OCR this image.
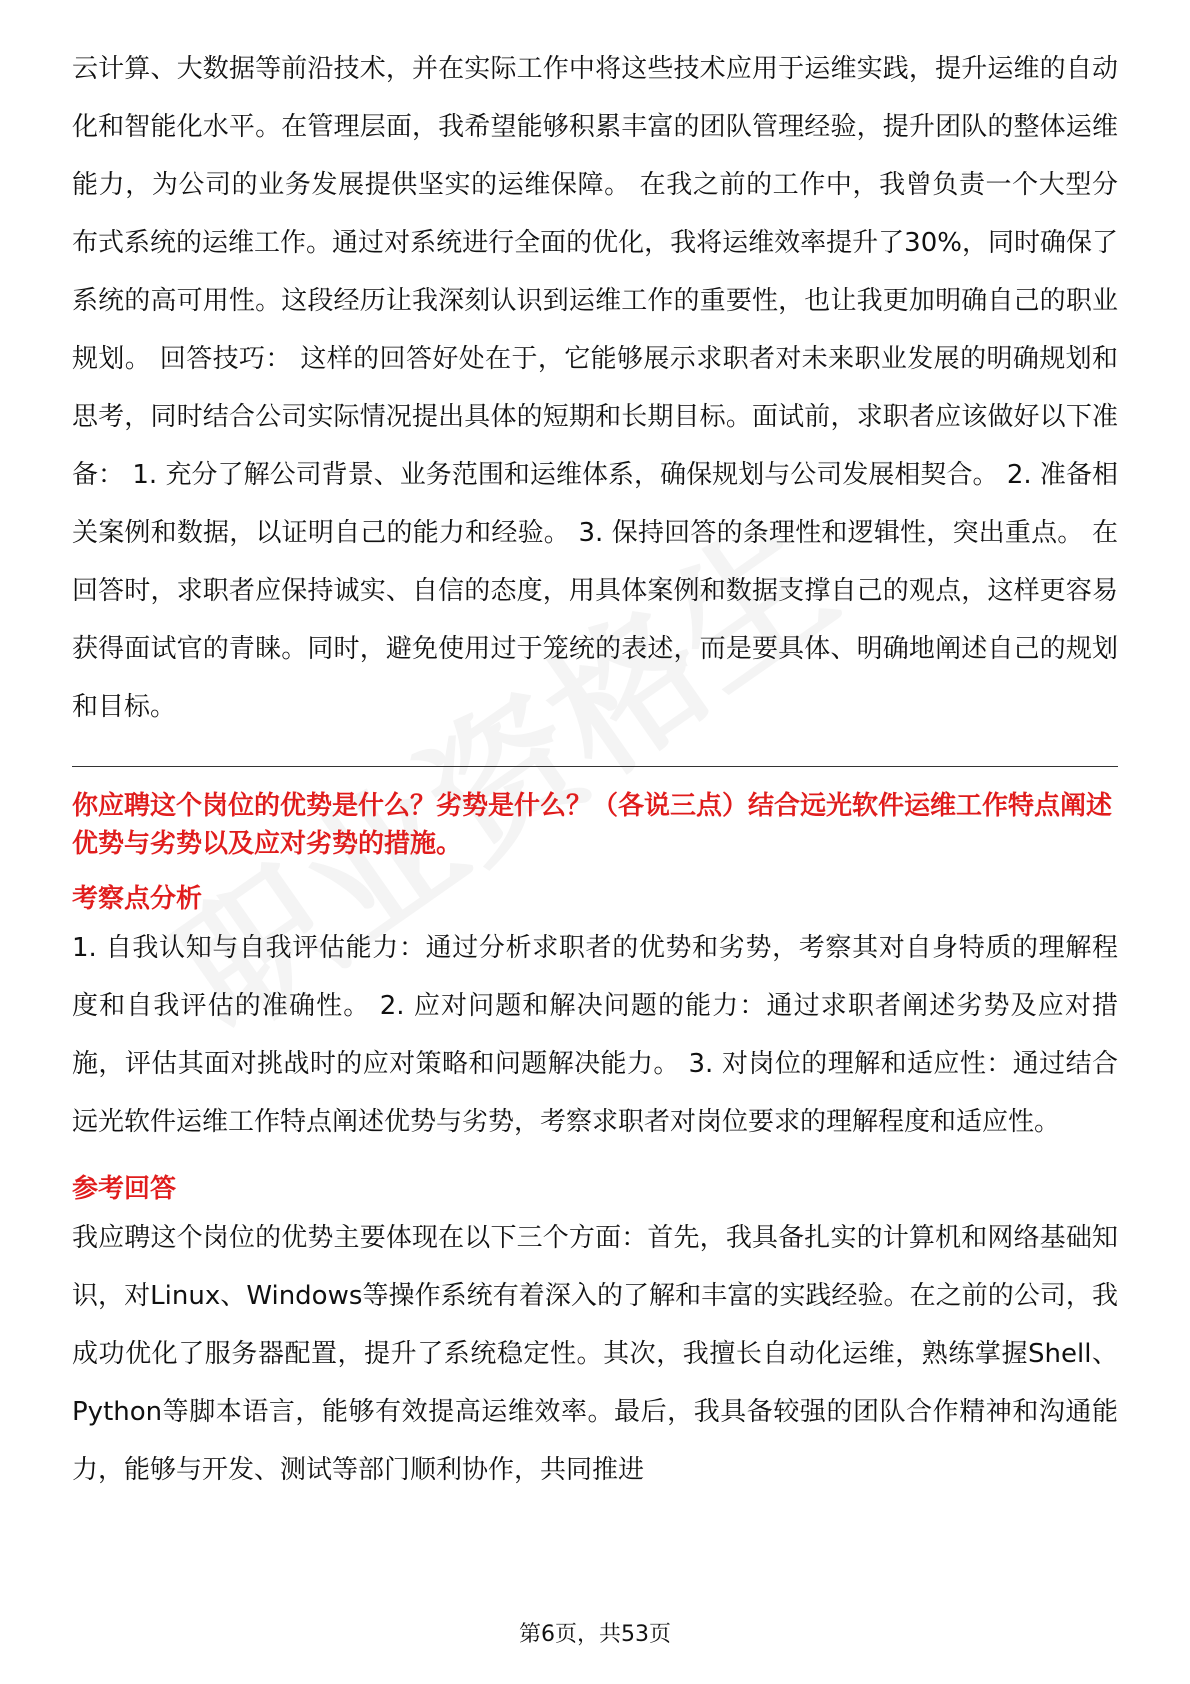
云计算、大数据等前沿技术，并在实际工作中将这些技术应用于运维实践，提升运维的自动化和智能化水平。在管理层面，我希望能够积累丰富的团队管理经验，提升团队的整体运维能力，为公司的业务发展提供坚实的运维保障。 在我之前的工作中，我曾负责一个大型分布式系统的运维工作。通过对系统进行全面的优化，我将运维效率提升了30%，同时确保了系统的高可用性。这段经历让我深刻认识到运维工作的重要性，也让我更加明确自己的职业规划。 回答技巧： 这样的回答好处在于，它能够展示求职者对未来职业发展的明确规划和思考，同时结合公司实际情况提出具体的短期和长期目标。面试前，求职者应该做好以下准备： 1. 充分了解公司背景、业务范围和运维体系，确保规划与公司发展相契合。 2. 准备相关案例和数据，以证明自己的能力和经验。 3. 保持回答的条理性和逻辑性，突出重点。 在回答时，求职者应保持诚实、自信的态度，用具体案例和数据支撑自己的观点，这样更容易获得面试官的青睐。同时，避免使用过于笼统的表述，而是要具体、明确地阐述自己的规划和目标。

你应聘这个岗位的优势是什么？劣势是什么？（各说三点）结合远光软件运维工作特点阐述优势与劣势以及应对劣势的措施。

考察点分析

1. 自我认知与自我评估能力：通过分析求职者的优势和劣势，考察其对自身特质的理解程度和自我评估的准确性。 2. 应对问题和解决问题的能力：通过求职者阐述劣势及应对措施，评估其面对挑战时的应对策略和问题解决能力。 3. 对岗位的理解和适应性：通过结合远光软件运维工作特点阐述优势与劣势，考察求职者对岗位要求的理解程度和适应性。

参考回答

我应聘这个岗位的优势主要体现在以下三个方面：首先，我具备扎实的计算机和网络基础知识，对Linux、Windows等操作系统有着深入的了解和丰富的实践经验。在之前的公司，我成功优化了服务器配置，提升了系统稳定性。其次，我擅长自动化运维，熟练掌握Shell、Python等脚本语言，能够有效提高运维效率。最后，我具备较强的团队合作精神和沟通能力，能够与开发、测试等部门顺利协作，共同推进

第6页，共53页
